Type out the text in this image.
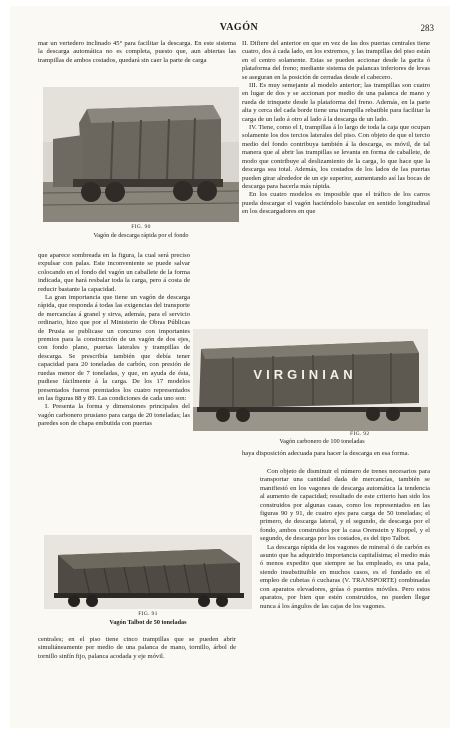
VAGÓN	283

mar un vertedero inclinado 45° para facilitar la descarga. En este sistema la descarga automática no es completa, puesto que, aun abiertas las trampillas de ambos costados, quedará sin caer la parte de carga

FIG. 90
Vagón de descarga rápida por el fondo

que aparece sombreada en la figura, la cual será preciso expulsar con palas. Este inconveniente se puede salvar colocando en el fondo del vagón un caballete de la forma indicada, que hará resbalar toda la carga, pero á costa de reducir bastante la capacidad.

La gran importancia que tiene un vagón de descarga rápida, que responda á todas las exigencias del transporte de mercancías á granel y sirva, además, para el servicio ordinario, hizo que por el Ministerio de Obras Públicas de Prusia se publicase un concurso con importantes premios para la construcción de un vagón de dos ejes, con fondo plano, puertas laterales y trampillas de descarga. Se prescribía también que debía tener capacidad para 20 toneladas de carbón, con presión de ruedas menor de 7 toneladas, y que, en ayuda de ésta, pudiese fácilmente á la carga. De los 17 modelos presentados fueron premiados los cuatro representados en las figuras 88 y 89. Las condiciones de cada uno son:

I. Presenta la forma y dimensiones principales del vagón carbonero prusiano para carga de 20 toneladas; las paredes son de chapa embutida con puertas

VIRGINIAN
FIG. 92
Vagón carbonero de 100 toneladas
FIG. 91
Vagón Talbot de 50 toneladas

centrales; en el piso tiene cinco trampillas que se pueden abrir simultáneamente por medio de una palanca de mano, tornillo, árbol de tornillo sinfín fijo, palanca acodada y eje móvil.

II. Difiere del anterior en que en vez de las dos puertas centrales tiene cuatro, dos á cada lado, en los extremos, y las trampillas del piso están en el centro solamente. Estas se pueden accionar desde la garita ó plataforma del freno; mediante sistema de palancas inferiores de levas se aseguran en la posición de cerradas desde el cabecero.

III. Es muy semejante al modelo anterior; las trampillas son cuatro en lugar de dos y se accionan por medio de una palanca de mano y rueda de trinquete desde la plataforma del freno. Además, en la parte alta y cerca del cada borde tiene una trampilla rebatible para facilitar la carga de un lado á otro al lado á la descarga de un lado.

IV. Tiene, como el I, trampillas á lo largo de toda la caja que ocupan solamente los dos tercios laterales del piso. Con objeto de que el tercio medio del fondo contribuya también á la descarga, es móvil, de tal manera que al abrir las trampillas se levanta en forma de caballete, de modo que contribuye al deslizamiento de la carga, lo que hace que la descarga sea total. Además, los costados de los lados de las puertas pueden girar alrededor de un eje superior, aumentando así las bocas de descarga para hacerla más rápida.

En los cuatro modelos es imposible que el tráfico de los carros pueda descargar el vagón haciéndolo bascular en sentido longitudinal en los descargadores en que

haya disposición adecuada para hacer la descarga en esa forma.

Con objeto de disminuir el número de trenes necesarios para transportar una cantidad dada de mercancías, también se manifiestó en los vagones de descarga automática la tendencia al aumento de capacidad; resultado de este criterio han sido los construidos por algunas casas, como los representados en las figuras 90 y 91, de cuatro ejes para carga de 50 toneladas; el primero, de descarga lateral, y el segundo, de descarga por el fondo, ambos construidos por la casa Orenstein y Koppel, y el segundo, de descarga por los costados, es del tipo Talbot.

La descarga rápida de los vagones de mineral ó de carbón es asunto que ha adquirido importancia capitalísima; el medio más ó menos expedito que siempre se ha empleado, es una pala, siendo insubstituible en muchos casos, es el fundado en el empleo de cubetas ó cucharas (V. TRANSPORTE) combinadas con aparatos elevadores, grúas ó puentes móviles. Pero estos aparatos, por bien que estén construidos, no pueden llegar nunca á los ángulos de las cajas de los vagones.
